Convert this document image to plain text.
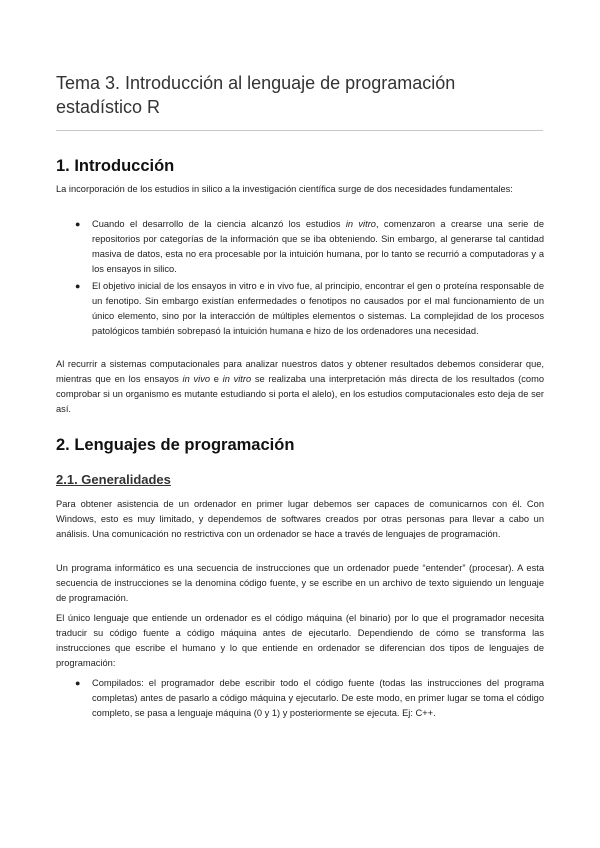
Tema 3. Introducción al lenguaje de programación
estadístico R
1. Introducción

La incorporación de los estudios in silico a la investigación científica surge de dos necesidades fundamentales:

● Cuando el desarrollo de la ciencia alcanzó los estudios in vitro, comenzaron a crearse una serie de repositorios por categorías de la información que se iba obteniendo. Sin embargo, al generarse tal cantidad masiva de datos, esta no era procesable por la intuición humana, por lo tanto se recurrió a computadoras y a los ensayos in silico.
● El objetivo inicial de los ensayos in vitro e in vivo fue, al principio, encontrar el gen o proteína responsable de un fenotipo. Sin embargo existían enfermedades o fenotipos no causados por el mal funcionamiento de un único elemento, sino por la interacción de múltiples elementos o sistemas. La complejidad de los procesos patológicos también sobrepasó la intuición humana e hizo de los ordenadores una necesidad.

Al recurrir a sistemas computacionales para analizar nuestros datos y obtener resultados debemos considerar que, mientras que en los ensayos in vivo e in vitro se realizaba una interpretación más directa de los resultados (como comprobar si un organismo es mutante estudiando si porta el alelo), en los estudios computacionales esto deja de ser así.

2. Lenguajes de programación
2.1. Generalidades

Para obtener asistencia de un ordenador en primer lugar debemos ser capaces de comunicarnos con él. Con Windows, esto es muy limitado, y dependemos de softwares creados por otras personas para llevar a cabo un análisis. Una comunicación no restrictiva con un ordenador se hace a través de lenguajes de programación.

Un programa informático es una secuencia de instrucciones que un ordenador puede “entender” (procesar). A esta secuencia de instrucciones se la denomina código fuente, y se escribe en un archivo de texto siguiendo un lenguaje de programación.

El único lenguaje que entiende un ordenador es el código máquina (el binario) por lo que el programador necesita traducir su código fuente a código máquina antes de ejecutarlo. Dependiendo de cómo se transforma las instrucciones que escribe el humano y lo que entiende en ordenador se diferencian dos tipos de lenguajes de programación:

● Compilados: el programador debe escribir todo el código fuente (todas las instrucciones del programa completas) antes de pasarlo a código máquina y ejecutarlo. De este modo, en primer lugar se toma el código completo, se pasa a lenguaje máquina (0 y 1) y posteriormente se ejecuta. Ej: C++.
